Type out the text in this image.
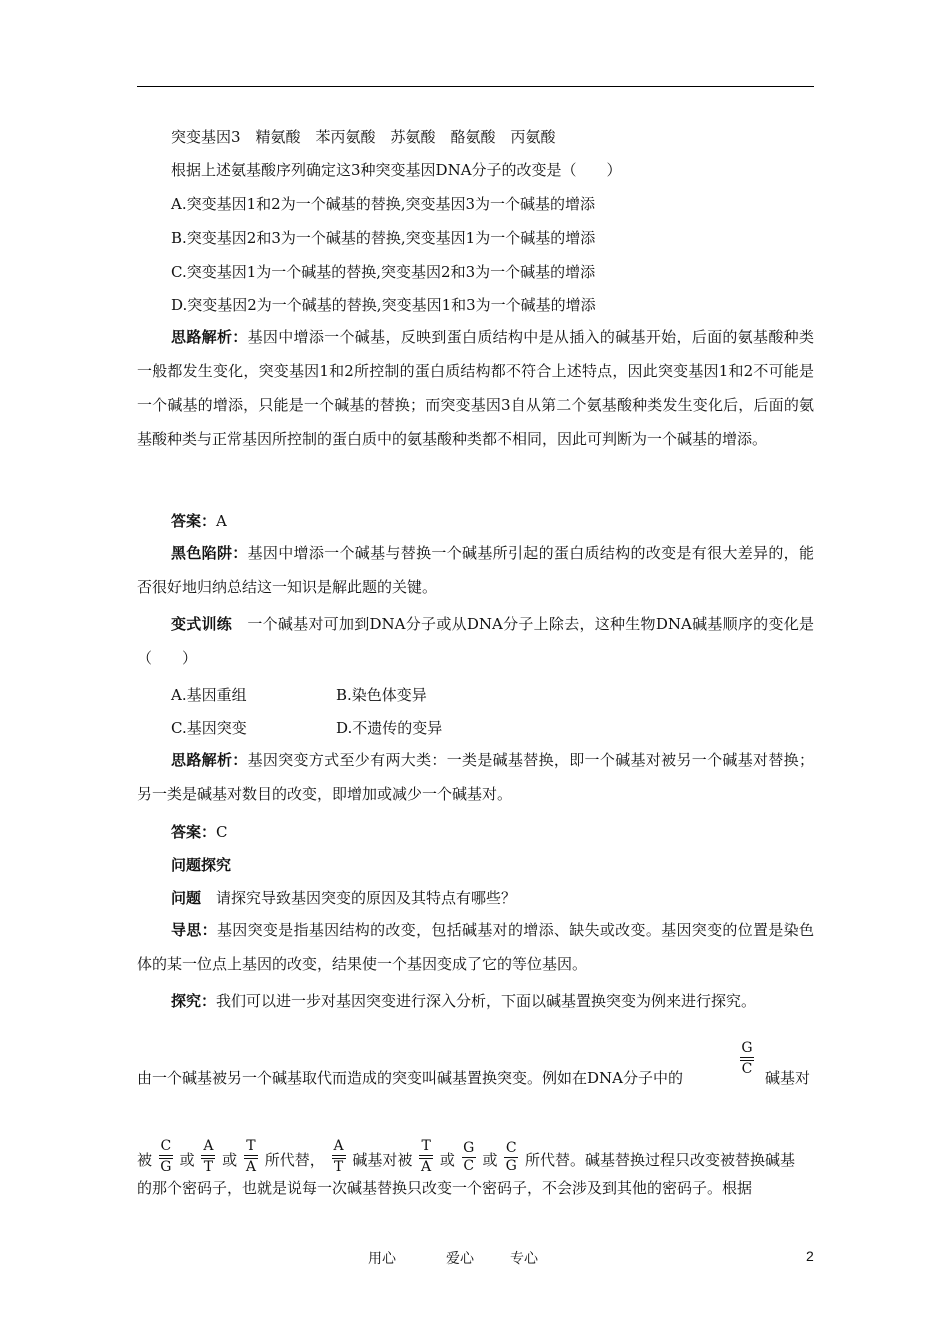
突变基因3　精氨酸　苯丙氨酸　苏氨酸　酪氨酸　丙氨酸
根据上述氨基酸序列确定这3种突变基因DNA分子的改变是（　　）
A.突变基因1和2为一个碱基的替换,突变基因3为一个碱基的增添
B.突变基因2和3为一个碱基的替换,突变基因1为一个碱基的增添
C.突变基因1为一个碱基的替换,突变基因2和3为一个碱基的增添
D.突变基因2为一个碱基的替换,突变基因1和3为一个碱基的增添
思路解析：基因中增添一个碱基，反映到蛋白质结构中是从插入的碱基开始，后面的氨基酸种类一般都发生变化，突变基因1和2所控制的蛋白质结构都不符合上述特点，因此突变基因1和2不可能是一个碱基的增添，只能是一个碱基的替换；而突变基因3自从第二个氨基酸种类发生变化后，后面的氨基酸种类与正常基因所控制的蛋白质中的氨基酸种类都不相同，因此可判断为一个碱基的增添。
答案：A
黑色陷阱：基因中增添一个碱基与替换一个碱基所引起的蛋白质结构的改变是有很大差异的，能否很好地归纳总结这一知识是解此题的关键。
变式训练　一个碱基对可加到DNA分子或从DNA分子上除去，这种生物DNA碱基顺序的变化是（　　）
A.基因重组	B.染色体变异
C.基因突变	D.不遗传的变异
思路解析：基因突变方式至少有两大类：一类是碱基替换，即一个碱基对被另一个碱基对替换；另一类是碱基对数目的改变，即增加或减少一个碱基对。
答案：C
问题探究
问题　请探究导致基因突变的原因及其特点有哪些？
导思：基因突变是指基因结构的改变，包括碱基对的增添、缺失或改变。基因突变的位置是染色体的某一位点上基因的改变，结果使一个基因变成了它的等位基因。
探究：我们可以进一步对基因突变进行深入分析，下面以碱基置换突变为例来进行探究。
由一个碱基被另一个碱基取代而造成的突变叫碱基置换突变。例如在DNA分子中的
G
C 碱基对
被 $\frac{C}{G}$ 或 $\frac{A}{T}$ 或 $\frac{T}{A}$ 所代替， $\frac{A}{T}$ 碱基对被 $\frac{T}{A}$ 或 $\frac{G}{C}$ 或 $\frac{C}{G}$ 所代替。碱基替换过程只改变被替换碱基
的那个密码子，也就是说每一次碱基替换只改变一个密码子，不会涉及到其他的密码子。根据
用心	爱心	专心	2
